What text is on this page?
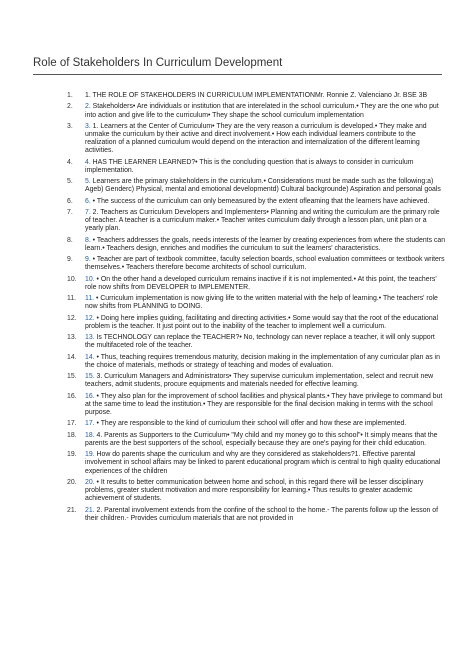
Role of Stakeholders In Curriculum Development
1. 1. THE ROLE OF STAKEHOLDERS IN CURRICULUM IMPLEMENTATIONMr. Ronnie Z. Valenciano Jr. BSE 3B
2. 2. Stakeholders• Are individuals or institution that are interelated in the school curriculum.• They are the one who put into action and give life to the curriculum• They shape the school curriculum implementation
3. 3. 1. Learners at the Center of Curriculum• They are the very reason a curriculum is developed.• They make and unmake the curriculum by their active and direct involvement.• How each individual learners contribute to the realization of a planned curriculum would depend on the interaction and internalization of the different learning activities.
4. 4. HAS THE LEARNER LEARNED?• This is the concluding question that is always to consider in curriculum implementation.
5. 5. Learners are the primary stakeholders in the curriculum.• Considerations must be made such as the following:a) Ageb) Genderc) Physical, mental and emotional developmentd) Cultural backgrounde) Aspiration and personal goals
6. 6. • The success of the curriculum can only bemeasured by the extent ofleaming that the learners have achieved.
7. 7. 2. Teachers as Curriculum Developers and Implementers• Planning and writing the curriculum are the primary role of teacher. A teacher is a curriculum maker.• Teacher writes curriculum daily through a lesson plan, unit plan or a yearly plan.
8. 8. • Teachers addresses the goals, needs interests of the learner by creating experiences from where the students can learn.• Teachers design, enriches and modifies the curriculum to suit the learners' characteristics.
9. 9. • Teacher are part of textbook committee, faculty selection boards, school evaluation committees or textbook writers themselves.• Teachers therefore become architects of school curriculum.
10. 10. • On the other hand a developed curriculum remains inactive if it is not implemented.• At this point, the teachers' role now shifts from DEVELOPER to IMPLEMENTER.
11. 11. • Curriculum implementation is now giving life to the written material with the help of learning.• The teachers' role now shifts from PLANNING to DOING.
12. 12. • Doing here implies guiding, facilitating and directing activities.• Some would say that the root of the educational problem is the teacher. It just point out to the inability of the teacher to implement well a curriculum.
13. 13. Is TECHNOLOGY can replace the TEACHER?• No, technology can never replace a teacher, it will only support the multifaceted role of the teacher.
14. 14. • Thus, teaching requires tremendous maturity, decision making in the implementation of any curricular plan as in the choice of materials, methods or strategy of teaching and modes of evaluation.
15. 15. 3. Curriculum Managers and Administrators• They supervise curriculum implementation, select and recruit new teachers, admit students, procure equipments and materials needed for effective learning.
16. 16. • They also plan for the improvement of school facilities and physical plants.• They have privilege to command but at the same time to lead the institution.• They are responsible for the final decision making in terms with the school purpose.
17. 17. • They are responsible to the kind of curriculum their school will offer and how these are implemented.
18. 18. 4. Parents as Supporters to the Curriculum• "My child and my money go to this school"• It simply means that the parents are the best supporters of the school, especially because they are one's paying for their child education.
19. 19. How do parents shape the curriculum and why are they considered as stakeholders?1. Effective parental involvement in school affairs may be linked to parent educational program which is central to high quality educational experiences of the children
20. 20. • It results to better communication between home and school, in this regard there will be lesser disciplinary problems, greater student motivation and more responsibility for learning.• Thus results to greater academic achievement of students.
21. 21. 2. Parental involvement extends from the confine of the school to the home.- The parents follow up the lesson of their children.- Provides curriculum materials that are not provided in
